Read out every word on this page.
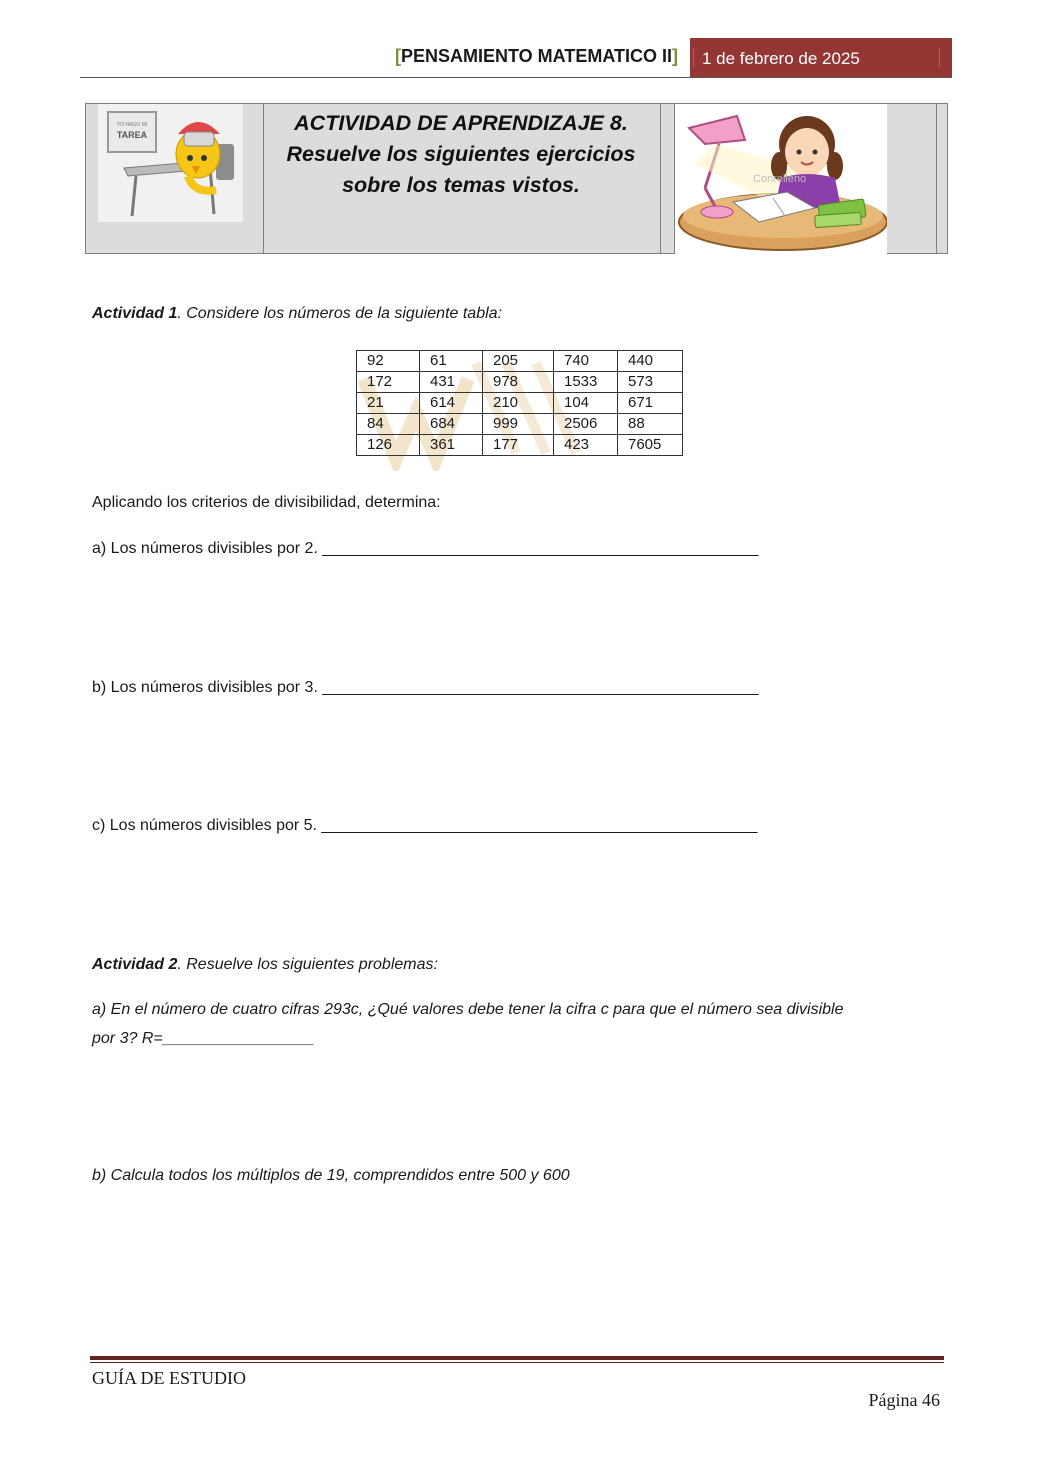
[PENSAMIENTO MATEMATICO II]	1 de febrero de 2025
YO HAGO MI
TAREA	ACTIVIDAD DE APRENDIZAJE 8.
Resuelve los siguientes ejercicios
sobre los temas vistos.	Conrelleno
Actividad 1. Considere los números de la siguiente tabla:
92	61	205	740	440
172	431	978	1533	573
21	614	210	104	671
84	684	999	2506	88
126	361	177	423	7605
Aplicando los criterios de divisibilidad, determina:
a) Los números divisibles por 2. _________________________________________________
b) Los números divisibles por 3. _________________________________________________
c) Los números divisibles por 5. _________________________________________________
Actividad 2. Resuelve los siguientes problemas:
a) En el número de cuatro cifras 293c, ¿Qué valores debe tener la cifra c para que el número sea divisible
por 3? R=_________________
b) Calcula todos los múltiplos de 19, comprendidos entre 500 y 600
GUÍA DE ESTUDIO
Página 46
